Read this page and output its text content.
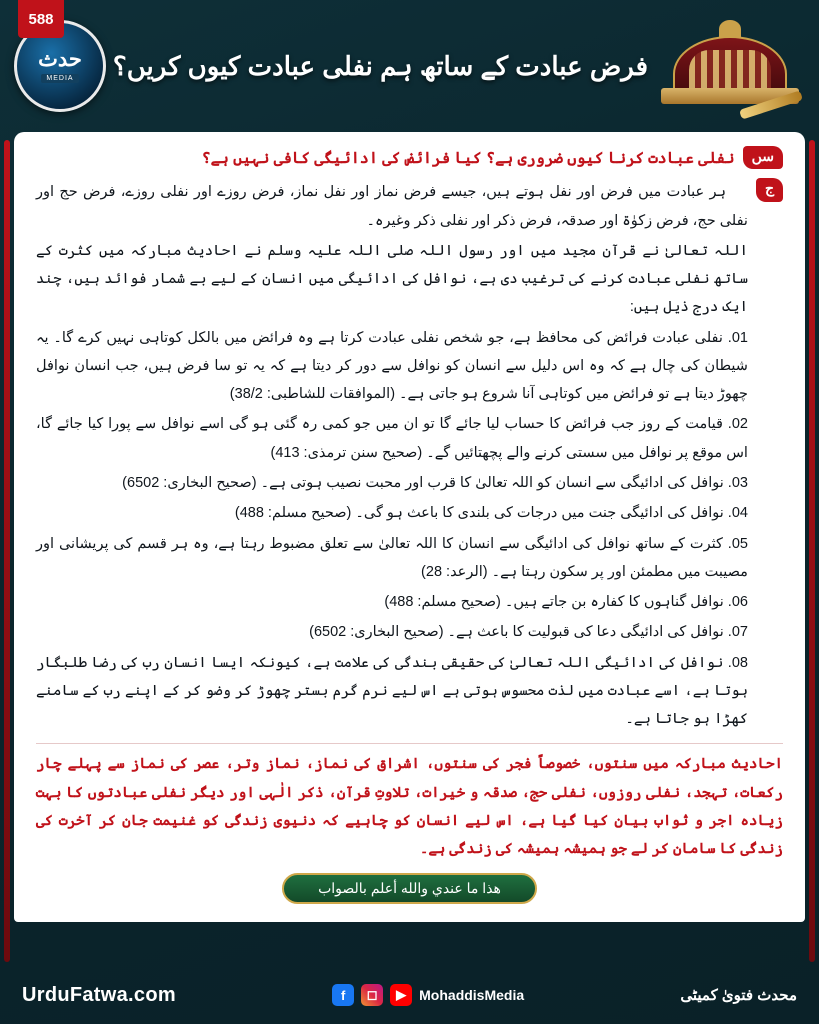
588
فرض عبادت کے ساتھ ہم نفلی عبادت کیوں کریں؟
حدث
MEDIA
سں
نفلی عبادت کرنا کیوں ضروری ہے؟ کیا فرائض کی ادائیگی کافی نہیں ہے؟
ج

ہر عبادت میں فرض اور نفل ہوتے ہیں، جیسے فرض نماز اور نفل نماز، فرض روزے اور نفلی روزے، فرض حج اور نفلی حج، فرض زکوٰۃ اور صدقہ، فرض ذکر اور نفلی ذکر وغیرہ۔

اللہ تعالیٰ نے قرآن مجید میں اور رسول اللہ صلی اللہ علیہ وسلم نے احادیث مبارکہ میں کثرت کے ساتھ نفلی عبادت کرنے کی ترغیب دی ہے، نوافل کی ادائیگی میں انسان کے لیے بے شمار فوائد ہیں، چند ایک درج ذیل ہیں:

01. نفلی عبادت فرائض کی محافظ ہے، جو شخص نفلی عبادت کرتا ہے وہ فرائض میں بالکل کوتاہی نہیں کرے گا۔ یہ شیطان کی چال ہے کہ وہ اس دلیل سے انسان کو نوافل سے دور کر دیتا ہے کہ یہ تو سا فرض ہیں، جب انسان نوافل چھوڑ دیتا ہے تو فرائض میں کوتاہی آنا شروع ہو جاتی ہے۔ (الموافقات للشاطبی: 38/2)

02. قیامت کے روز جب فرائض کا حساب لیا جائے گا تو ان میں جو کمی رہ گئی ہو گی اسے نوافل سے پورا کیا جائے گا، اس موقع پر نوافل میں سستی کرنے والے پچھتائیں گے۔ (صحیح سنن ترمذی: 413)

03. نوافل کی ادائیگی سے انسان کو اللہ تعالیٰ کا قرب اور محبت نصیب ہوتی ہے۔ (صحیح البخاری: 6502)

04. نوافل کی ادائیگی جنت میں درجات کی بلندی کا باعث ہو گی۔ (صحیح مسلم: 488)

05. کثرت کے ساتھ نوافل کی ادائیگی سے انسان کا اللہ تعالیٰ سے تعلق مضبوط رہتا ہے، وہ ہر قسم کی پریشانی اور مصیبت میں مطمئن اور پر سکون رہتا ہے۔ (الرعد: 28)

06. نوافل گناہوں کا کفارہ بن جاتے ہیں۔ (صحیح مسلم: 488)

07. نوافل کی ادائیگی دعا کی قبولیت کا باعث ہے۔ (صحیح البخاری: 6502)

08. نوافل کی ادائیگی اللہ تعالیٰ کی حقیقی بندگی کی علامت ہے، کیونکہ ایسا انسان رب کی رضا طلبگار ہوتا ہے، اسے عبادت میں لذت محسوس ہوتی ہے اس لیے نرم گرم بستر چھوڑ کر وضو کر کے اپنے رب کے سامنے کھڑا ہو جاتا ہے۔

احادیث مبارکہ میں سنتوں، خصوصاً فجر کی سنتوں، اشراق کی نماز، نماز وتر، عصر کی نماز سے پہلے چار رکعات، تہجد، نفلی روزوں، نفلی حج، صدقہ و خیرات، تلاوتِ قرآن، ذکر الٰہی اور دیگر نفلی عبادتوں کا بہت زیادہ اجر و ثواب بیان کیا گیا ہے، اس لیے انسان کو چاہیے کہ دنیوی زندگی کو غنیمت جان کر آخرت کی زندگی کا سامان کر لے جو ہمیشہ ہمیشہ کی زندگی ہے۔
هذا ما عندي والله أعلم بالصواب
UrduFatwa.com	f	◻	▶ MohaddisMedia	محدث فتویٰ کمیٹی
